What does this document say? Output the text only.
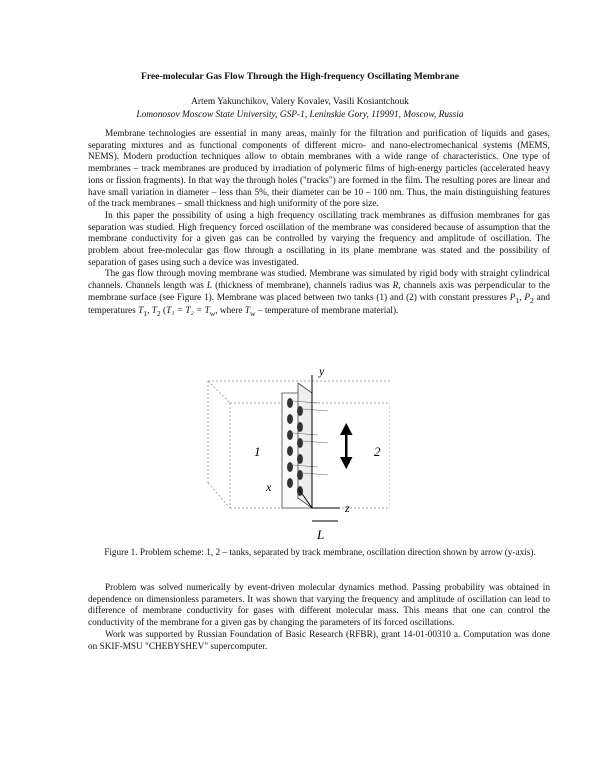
Free-molecular Gas Flow Through the High-frequency Oscillating Membrane
Artem Yakunchikov, Valery Kovalev, Vasili Kosiantchouk
Lomonosov Moscow State University, GSP-1, Leninskie Gory, 119991, Moscow, Russia

Membrane technologies are essential in many areas, mainly for the filtration and purification of liquids and gases, separating mixtures and as functional components of different micro- and nano-electromechanical systems (MEMS, NEMS). Modern production techniques allow to obtain membranes with a wide range of characteristics. One type of membranes – track membranes are produced by irradiation of polymeric films of high-energy particles (accelerated heavy ions or fission fragments). In that way the through holes ("tracks") are formed in the film. The resulting pores are linear and have small variation in diameter – less than 5%, their diameter can be 10 – 100 nm. Thus, the main distinguishing features of the track membranes – small thickness and high uniformity of the pore size.

In this paper the possibility of using a high frequency oscillating track membranes as diffusion membranes for gas separation was studied. High frequency forced oscillation of the membrane was considered because of assumption that the membrane conductivity for a given gas can be controlled by varying the frequency and amplitude of oscillation. The problem about free-molecular gas flow through a oscillating in its plane membrane was stated and the possibility of separation of gases using such a device was investigated.

The gas flow through moving membrane was studied. Membrane was simulated by rigid body with straight cylindrical channels. Channels length was L (thickness of membrane), channels radius was R, channels axis was perpendicular to the membrane surface (see Figure 1). Membrane was placed between two tanks (1) and (2) with constant pressures $P_1$, $P_2$ and temperatures $T_1$, $T_2$ ($T_1 = T_2 = T_w$, where $T_w$ – temperature of membrane material).

y
x
z
L
1	2
Figure 1. Problem scheme: 1, 2 – tanks, separated by track membrane, oscillation direction shown by arrow (y-axis).

Problem was solved numerically by event-driven molecular dynamics method. Passing probability was obtained in dependence on dimensionless parameters. It was shown that varying the frequency and amplitude of oscillation can lead to difference of membrane conductivity for gases with different molecular mass. This means that one can control the conductivity of the membrane for a given gas by changing the parameters of its forced oscillations.

Work was supported by Russian Foundation of Basic Research (RFBR), grant 14-01-00310 a. Computation was done on SKIF-MSU "CHEBYSHEV" supercomputer.
